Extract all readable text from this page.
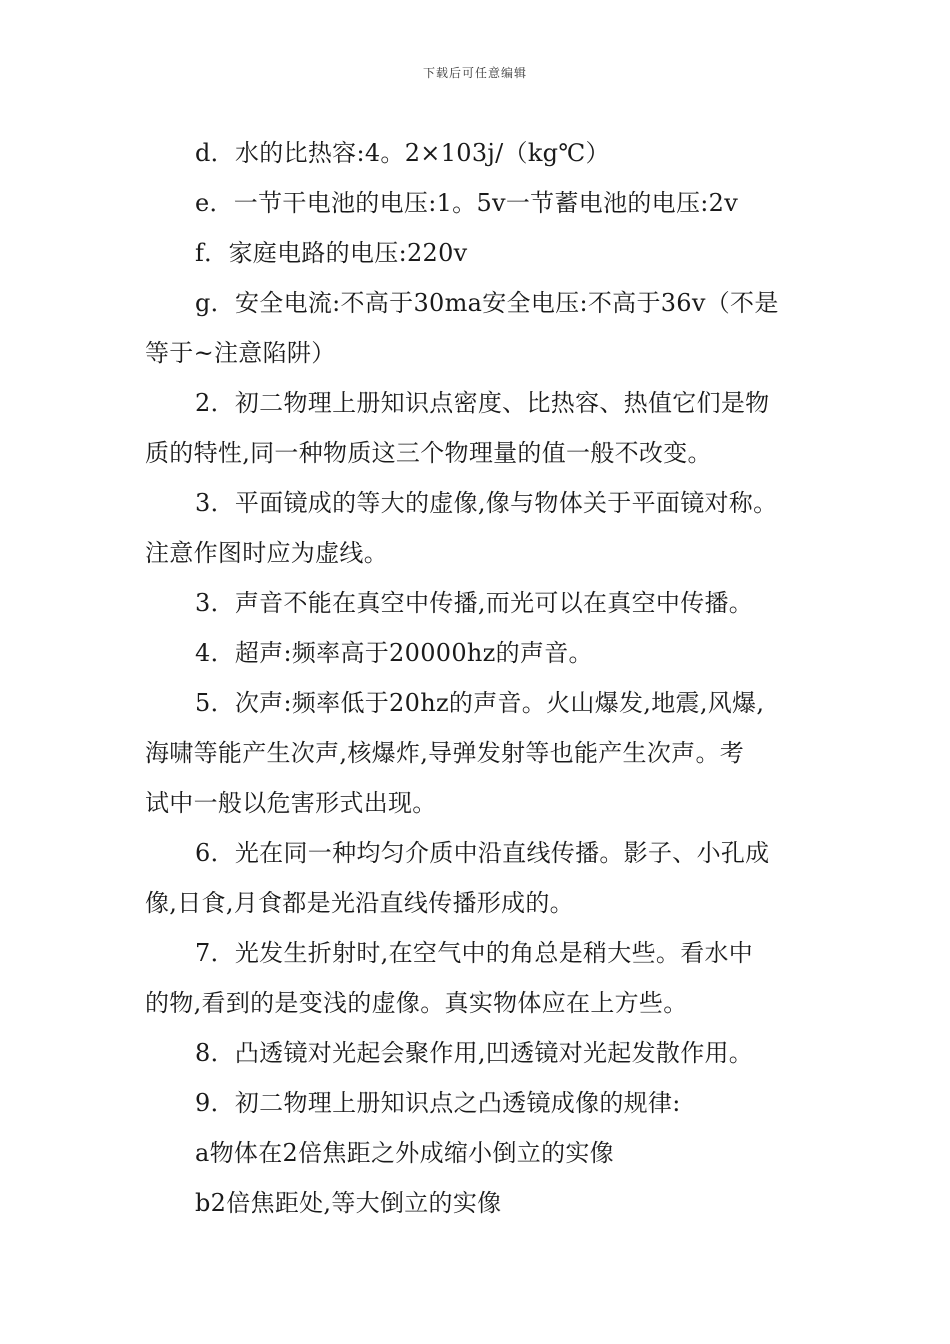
下载后可任意编辑
d．水的比热容:4。2×103j/（kg℃）
e．一节干电池的电压:1。5v一节蓄电池的电压:2v
f．家庭电路的电压:220v
g．安全电流:不高于30ma安全电压:不高于36v（不是
等于~注意陷阱）
2．初二物理上册知识点密度、比热容、热值它们是物
质的特性,同一种物质这三个物理量的值一般不改变。
3．平面镜成的等大的虚像,像与物体关于平面镜对称。
注意作图时应为虚线。
3．声音不能在真空中传播,而光可以在真空中传播。
4．超声:频率高于20000hz的声音。
5．次声:频率低于20hz的声音。火山爆发,地震,风爆,
海啸等能产生次声,核爆炸,导弹发射等也能产生次声。考
试中一般以危害形式出现。
6．光在同一种均匀介质中沿直线传播。影子、小孔成
像,日食,月食都是光沿直线传播形成的。
7．光发生折射时,在空气中的角总是稍大些。看水中
的物,看到的是变浅的虚像。真实物体应在上方些。
8．凸透镜对光起会聚作用,凹透镜对光起发散作用。
9．初二物理上册知识点之凸透镜成像的规律:
a物体在2倍焦距之外成缩小倒立的实像
b2倍焦距处,等大倒立的实像
